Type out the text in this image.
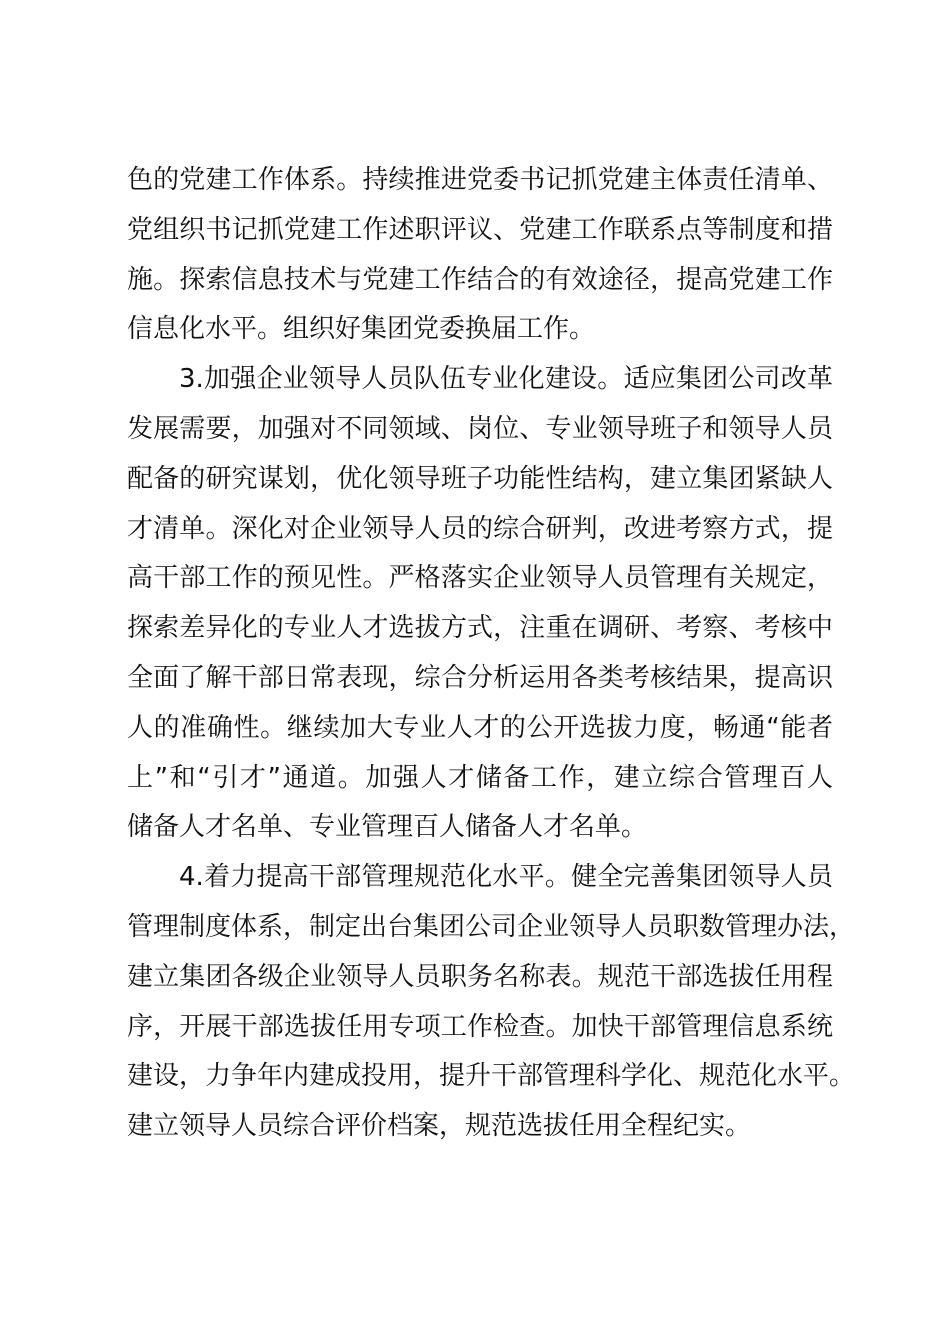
色的党建工作体系。持续推进党委书记抓党建主体责任清单、
党组织书记抓党建工作述职评议、党建工作联系点等制度和措
施。探索信息技术与党建工作结合的有效途径，提高党建工作
信息化水平。组织好集团党委换届工作。
3.加强企业领导人员队伍专业化建设。适应集团公司改革
发展需要，加强对不同领域、岗位、专业领导班子和领导人员
配备的研究谋划，优化领导班子功能性结构，建立集团紧缺人
才清单。深化对企业领导人员的综合研判，改进考察方式，提
高干部工作的预见性。严格落实企业领导人员管理有关规定，
探索差异化的专业人才选拔方式，注重在调研、考察、考核中
全面了解干部日常表现，综合分析运用各类考核结果，提高识
人的准确性。继续加大专业人才的公开选拔力度，畅通“能者
上”和“引才”通道。加强人才储备工作，建立综合管理百人
储备人才名单、专业管理百人储备人才名单。
4.着力提高干部管理规范化水平。健全完善集团领导人员
管理制度体系，制定出台集团公司企业领导人员职数管理办法，
建立集团各级企业领导人员职务名称表。规范干部选拔任用程
序，开展干部选拔任用专项工作检查。加快干部管理信息系统
建设，力争年内建成投用，提升干部管理科学化、规范化水平。
建立领导人员综合评价档案，规范选拔任用全程纪实。
